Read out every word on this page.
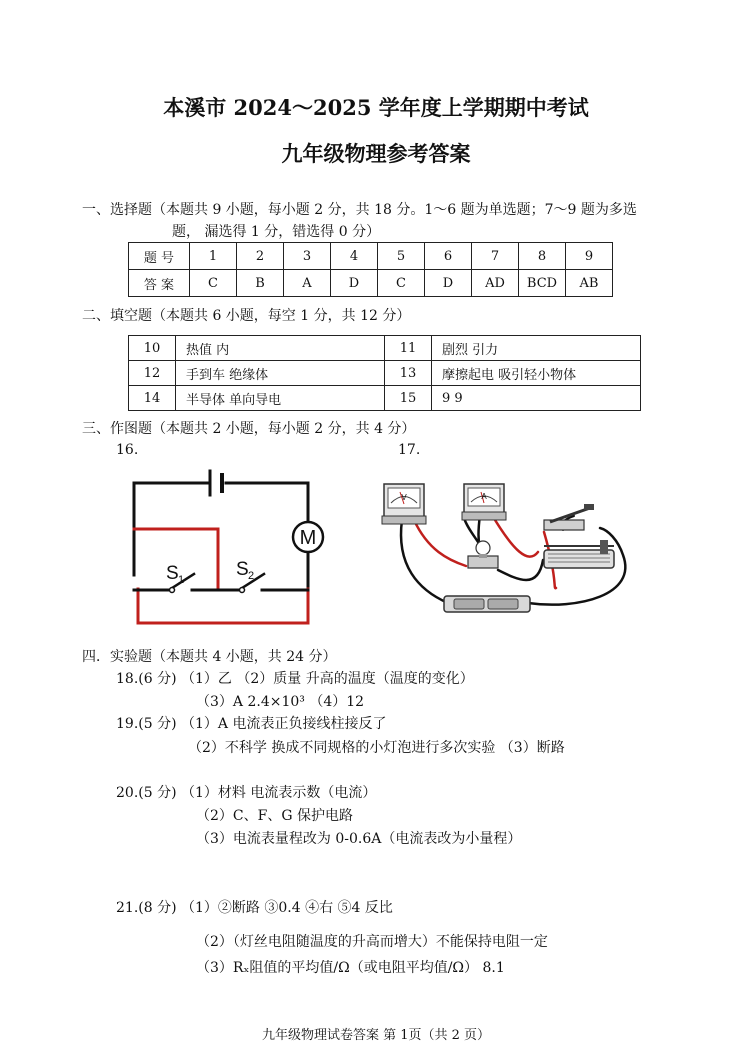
本溪市 2024～2025 学年度上学期期中考试
九年级物理参考答案
一、选择题（本题共 9 小题，每小题 2 分，共 18 分。1～6 题为单选题；7～9 题为多选
题， 漏选得 1 分，错选得 0 分）
题 号	1	2	3	4	5	6	7	8	9
答 案	C	B	A	D	C	D	AD	BCD	AB
二、填空题（本题共 6 小题，每空 1 分，共 12 分）
10	热值 内	11	剧烈 引力
12	手到车 绝缘体	13	摩擦起电 吸引轻小物体
14	半导体 单向导电	15	9 9
三、作图题（本题共 2 小题，每小题 2 分，共 4 分）
16.	17.
M
S 1	S 2
V	A
四．实验题（本题共 4 小题，共 24 分）
18.(6 分) （1）乙 （2）质量 升高的温度（温度的变化）
（3）A 2.4×10³ （4）12
19.(5 分) （1）A 电流表正负接线柱接反了
（2）不科学 换成不同规格的小灯泡进行多次实验 （3）断路
20.(5 分) （1）材料 电流表示数（电流）
（2）C、F、G 保护电路
（3）电流表量程改为 0-0.6A（电流表改为小量程）
21.(8 分) （1）②断路 ③0.4 ④右 ⑤4 反比
（2）（灯丝电阻随温度的升高而增大）不能保持电阻一定
（3）Rₓ阻值的平均值/Ω（或电阻平均值/Ω） 8.1
九年级物理试卷答案 第 1页（共 2 页）
